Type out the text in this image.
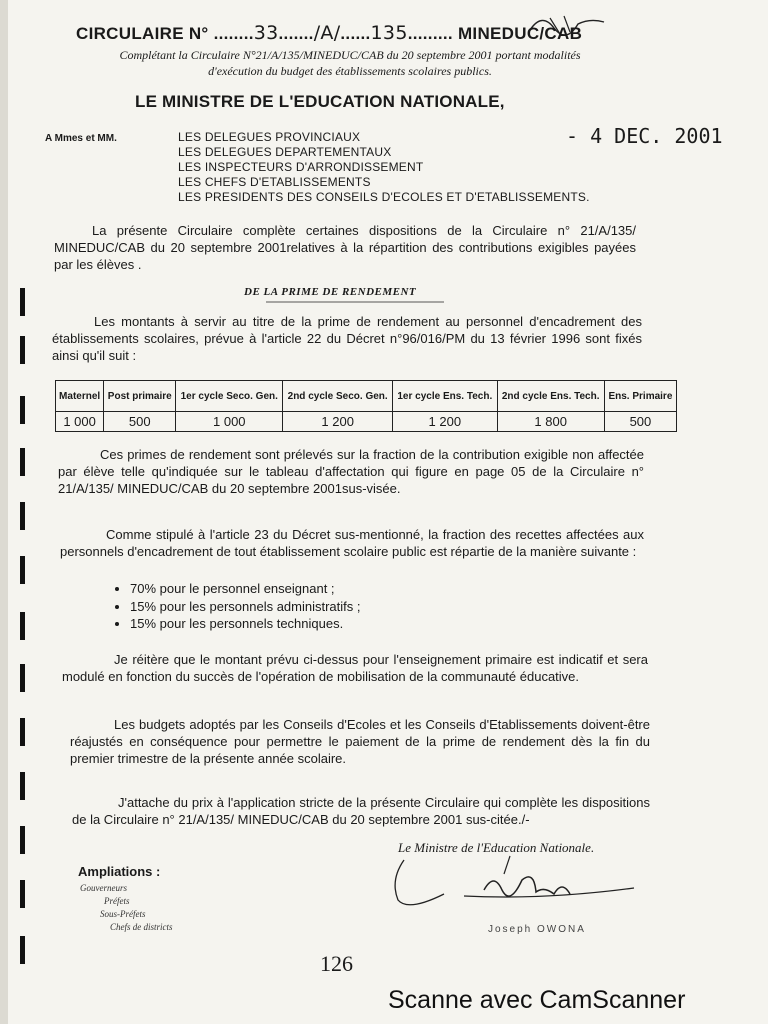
CIRCULAIRE N° ........33......./A/......135......... MINEDUC/CAB
Complétant la Circulaire N°21/A/135/MINEDUC/CAB du 20 septembre 2001 portant modalités
d'exécution du budget des établissements scolaires publics.
LE MINISTRE DE L'EDUCATION NATIONALE,
A Mmes et MM.	LES DELEGUES PROVINCIAUX
LES DELEGUES DEPARTEMENTAUX
LES INSPECTEURS D'ARRONDISSEMENT
LES CHEFS D'ETABLISSEMENTS
LES PRESIDENTS DES CONSEILS D'ECOLES ET D'ETABLISSEMENTS.
- 4 DEC. 2001

La présente Circulaire complète certaines dispositions de la Circulaire n° 21/A/135/ MINEDUC/CAB du 20 septembre 2001relatives à la répartition des contributions exigibles payées par les élèves .

DE LA PRIME DE RENDEMENT

Les montants à servir au titre de la prime de rendement au personnel d'encadrement des établissements scolaires, prévue à l'article 22 du Décret n°96/016/PM du 13 février 1996 sont fixés ainsi qu'il suit :

Maternel	Post primaire	1er cycle Seco. Gen.	2nd cycle Seco. Gen.	1er cycle Ens. Tech.	2nd cycle Ens. Tech.	Ens. Primaire
1 000	500	1 000	1 200	1 200	1 800	500

Ces primes de rendement sont prélevés sur la fraction de la contribution exigible non affectée par élève telle qu'indiquée sur le tableau d'affectation qui figure en page 05 de la Circulaire n° 21/A/135/ MINEDUC/CAB du 20 septembre 2001sus-visée.

Comme stipulé à l'article 23 du Décret sus-mentionné, la fraction des recettes affectées aux personnels d'encadrement de tout établissement scolaire public est répartie de la manière suivante :

• 70% pour le personnel enseignant ;
• 15% pour les personnels administratifs ;
• 15% pour les personnels techniques.

Je réitère que le montant prévu ci-dessus pour l'enseignement primaire est indicatif et sera modulé en fonction du succès de l'opération de mobilisation de la communauté éducative.

Les budgets adoptés par les Conseils d'Ecoles et les Conseils d'Etablissements doivent-être réajustés en conséquence pour permettre le paiement de la prime de rendement dès la fin du premier trimestre de la présente année scolaire.

J'attache du prix à l'application stricte de la présente Circulaire qui complète les dispositions de la Circulaire n° 21/A/135/ MINEDUC/CAB du 20 septembre 2001 sus-citée./-

Le Ministre de l'Education Nationale.
Joseph OWONA
Ampliations :
Gouverneurs
Préfets
Sous-Préfets
Chefs de districts
126
Scanne avec CamScanner
